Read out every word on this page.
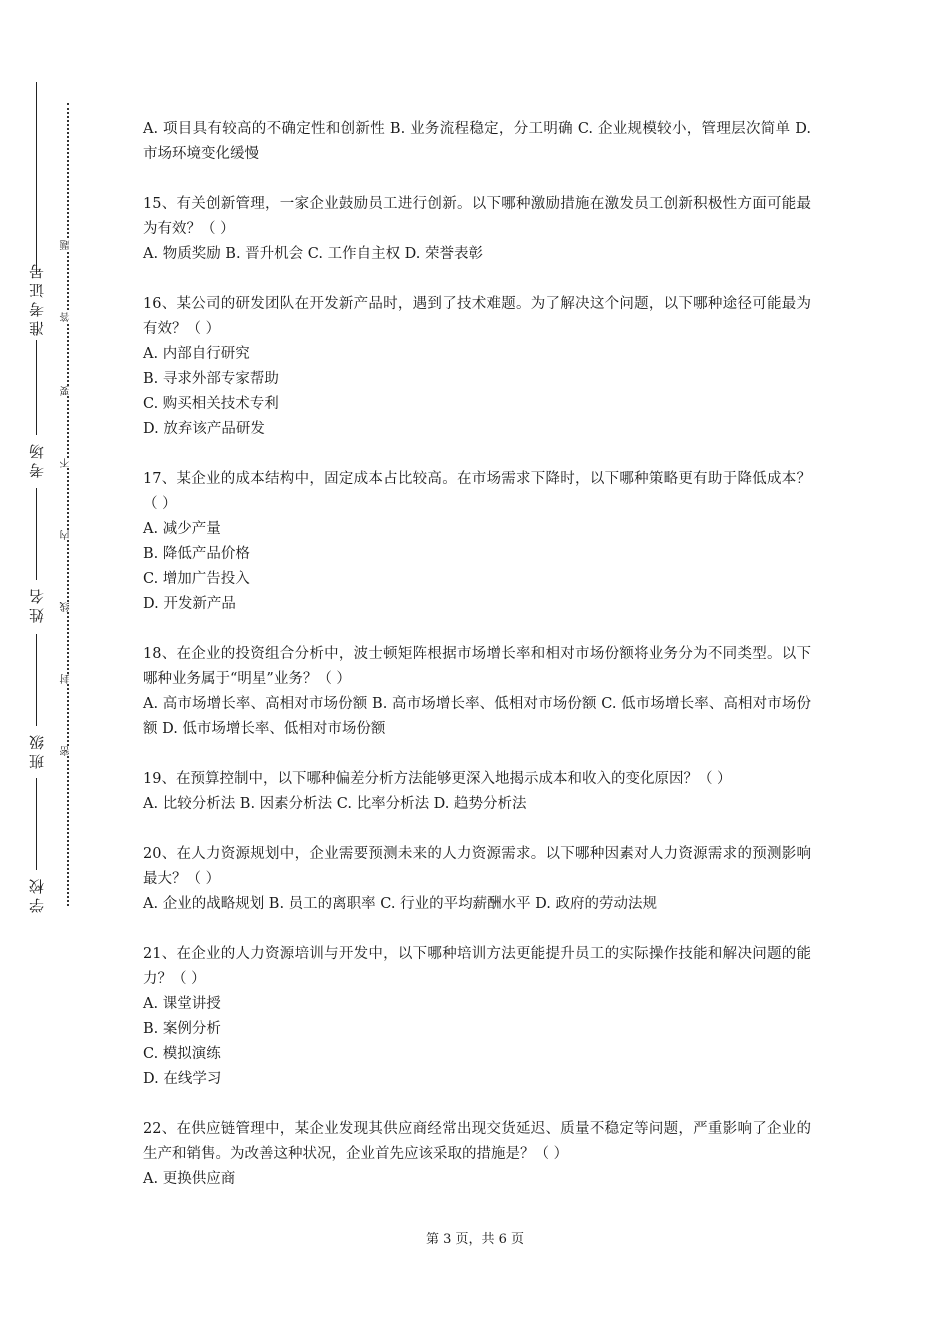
准考证号
考场
姓名
班级
学校
题
答
要
不
内
线
封
密

A. 项目具有较高的不确定性和创新性 B. 业务流程稳定，分工明确 C. 企业规模较小，管理层次简单 D. 市场环境变化缓慢

15、有关创新管理，一家企业鼓励员工进行创新。以下哪种激励措施在激发员工创新积极性方面可能最为有效？（ ）

A. 物质奖励 B. 晋升机会 C. 工作自主权 D. 荣誉表彰

16、某公司的研发团队在开发新产品时，遇到了技术难题。为了解决这个问题，以下哪种途径可能最为有效？（ ）

A. 内部自行研究

B. 寻求外部专家帮助

C. 购买相关技术专利

D. 放弃该产品研发

17、某企业的成本结构中，固定成本占比较高。在市场需求下降时，以下哪种策略更有助于降低成本？（ ）

A. 减少产量

B. 降低产品价格

C. 增加广告投入

D. 开发新产品

18、在企业的投资组合分析中，波士顿矩阵根据市场增长率和相对市场份额将业务分为不同类型。以下哪种业务属于“明星”业务？（ ）

A. 高市场增长率、高相对市场份额 B. 高市场增长率、低相对市场份额 C. 低市场增长率、高相对市场份额 D. 低市场增长率、低相对市场份额

19、在预算控制中，以下哪种偏差分析方法能够更深入地揭示成本和收入的变化原因？（ ）

A. 比较分析法 B. 因素分析法 C. 比率分析法 D. 趋势分析法

20、在人力资源规划中，企业需要预测未来的人力资源需求。以下哪种因素对人力资源需求的预测影响最大？（ ）

A. 企业的战略规划 B. 员工的离职率 C. 行业的平均薪酬水平 D. 政府的劳动法规

21、在企业的人力资源培训与开发中，以下哪种培训方法更能提升员工的实际操作技能和解决问题的能力？（ ）

A. 课堂讲授

B. 案例分析

C. 模拟演练

D. 在线学习

22、在供应链管理中，某企业发现其供应商经常出现交货延迟、质量不稳定等问题，严重影响了企业的生产和销售。为改善这种状况，企业首先应该采取的措施是？（ ）

A. 更换供应商

第 3 页，共 6 页
